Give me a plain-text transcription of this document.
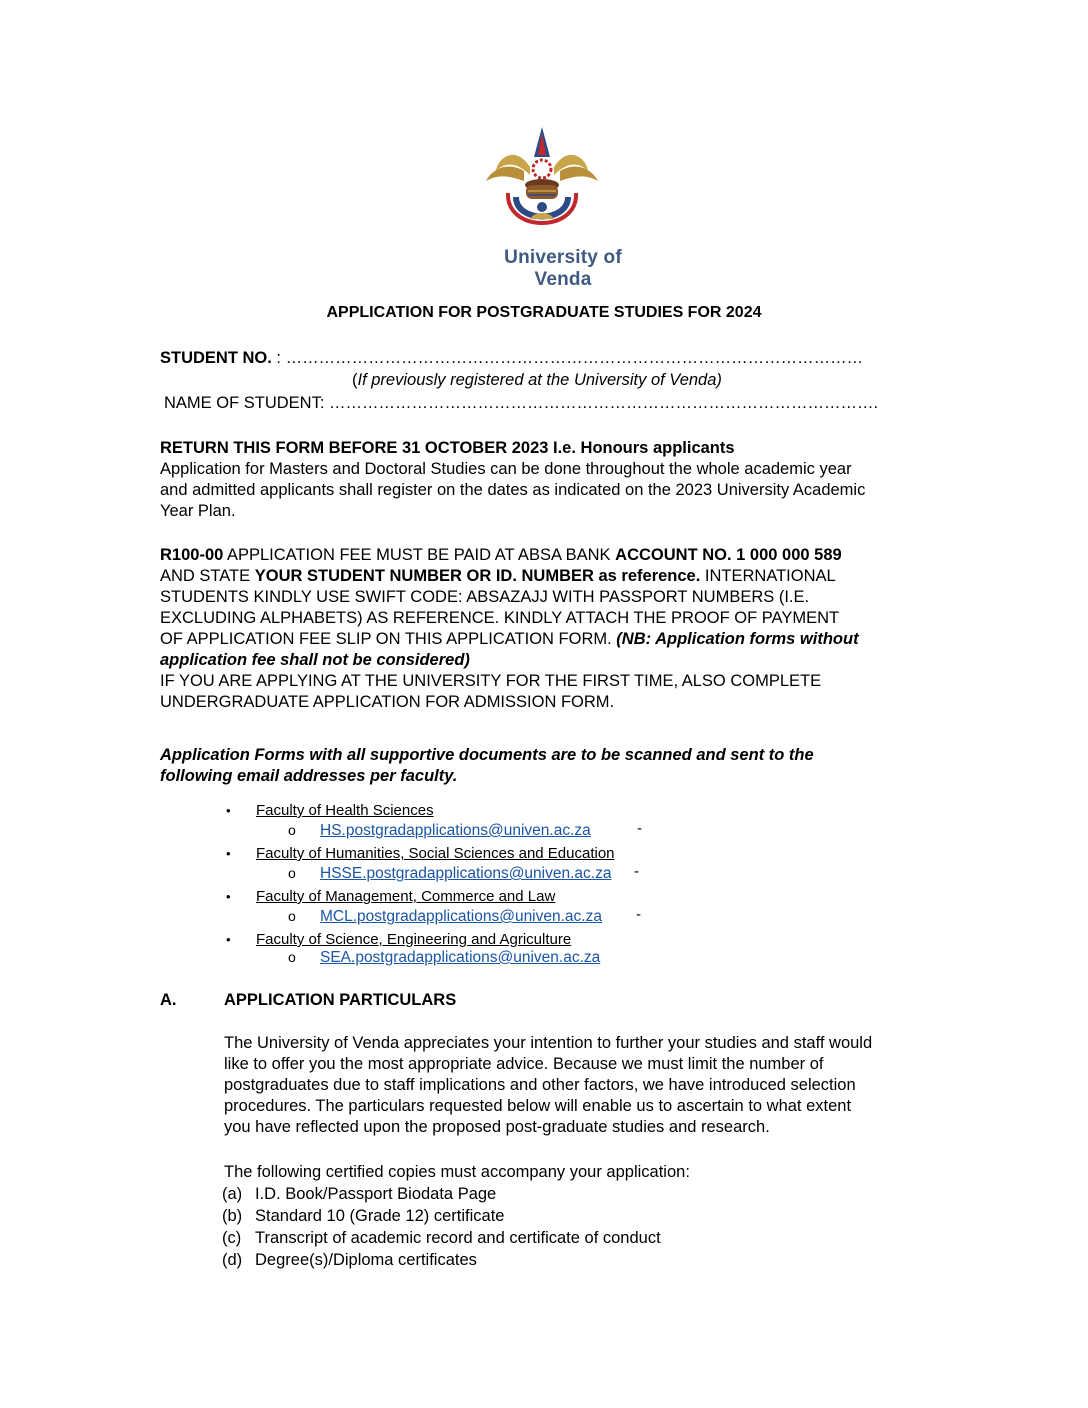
University of Venda
APPLICATION FOR POSTGRADUATE STUDIES FOR 2024
STUDENT NO. : ……………………………………………………………………………………………
(If previously registered at the University of Venda)
NAME OF STUDENT: ……………………………………………………………………………………….
RETURN THIS FORM BEFORE 31 OCTOBER 2023 I.e. Honours applicants
Application for Masters and Doctoral Studies can be done throughout the whole academic year
and admitted applicants shall register on the dates as indicated on the 2023 University Academic
Year Plan.
R100-00 APPLICATION FEE MUST BE PAID AT ABSA BANK ACCOUNT NO. 1 000 000 589
AND STATE YOUR STUDENT NUMBER OR ID. NUMBER as reference. INTERNATIONAL
STUDENTS KINDLY USE SWIFT CODE: ABSAZAJJ WITH PASSPORT NUMBERS (I.E.
EXCLUDING ALPHABETS) AS REFERENCE. KINDLY ATTACH THE PROOF OF PAYMENT
OF APPLICATION FEE SLIP ON THIS APPLICATION FORM. (NB: Application forms without
application fee shall not be considered)
IF YOU ARE APPLYING AT THE UNIVERSITY FOR THE FIRST TIME, ALSO COMPLETE
UNDERGRADUATE APPLICATION FOR ADMISSION FORM.
Application Forms with all supportive documents are to be scanned and sent to the
following email addresses per faculty.
• Faculty of Health Sciences
o HS.postgradapplications@univen.ac.za	-
• Faculty of Humanities, Social Sciences and Education
o HSSE.postgradapplications@univen.ac.za -
• Faculty of Management, Commerce and Law
o MCL.postgradapplications@univen.ac.za -
• Faculty of Science, Engineering and Agriculture
o SEA.postgradapplications@univen.ac.za
A.	APPLICATION PARTICULARS
The University of Venda appreciates your intention to further your studies and staff would
like to offer you the most appropriate advice. Because we must limit the number of
postgraduates due to staff implications and other factors, we have introduced selection
procedures. The particulars requested below will enable us to ascertain to what extent
you have reflected upon the proposed post-graduate studies and research.
The following certified copies must accompany your application:
(a) I.D. Book/Passport Biodata Page
(b) Standard 10 (Grade 12) certificate
(c) Transcript of academic record and certificate of conduct
(d) Degree(s)/Diploma certificates
